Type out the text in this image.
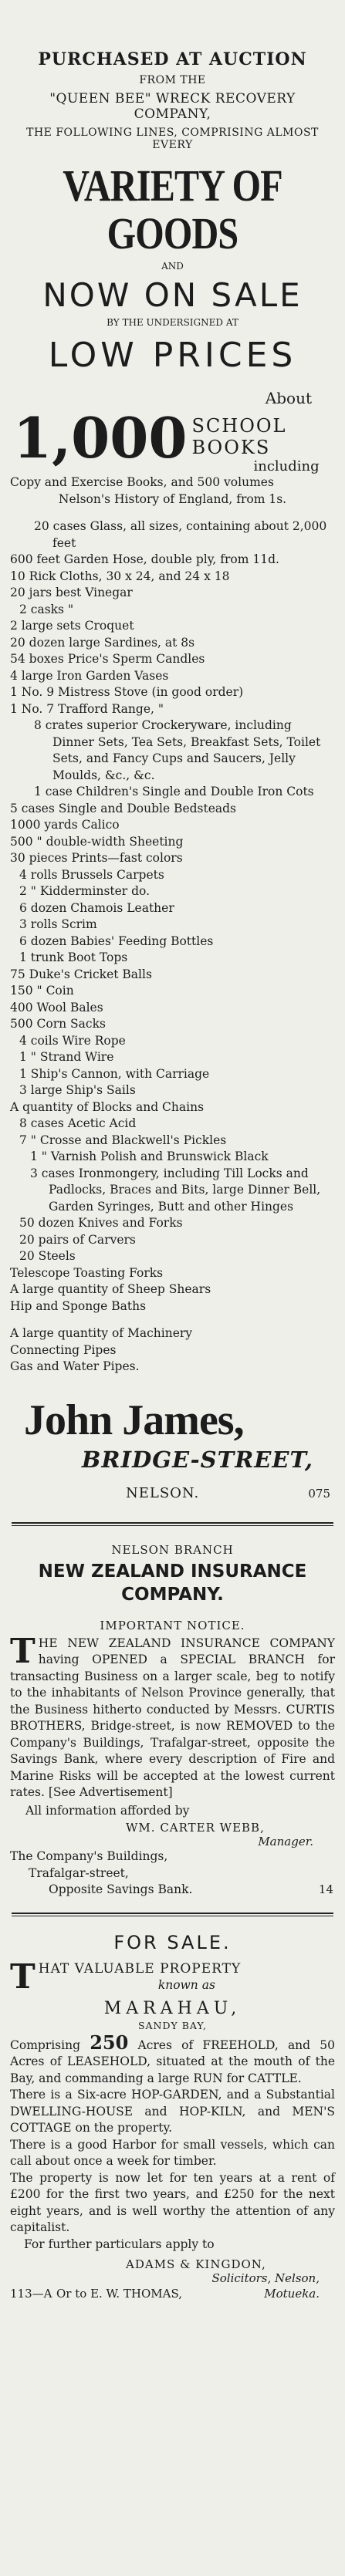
PURCHASED AT AUCTION
FROM THE
"QUEEN BEE" WRECK RECOVERY COMPANY,
THE FOLLOWING LINES, COMPRISING ALMOST EVERY
VARIETY OF GOODS
AND
NOW ON SALE
BY THE UNDERSIGNED AT
LOW PRICES
About
1,000 SCHOOL BOOKS
including
Copy and Exercise Books, and 500 volumes
Nelson's History of England, from 1s.
20 cases Glass, all sizes, containing about 2,000 feet
600 feet Garden Hose, double ply, from 11d.
10 Rick Cloths, 30 x 24, and 24 x 18
20 jars best Vinegar
2 casks "
2 large sets Croquet
20 dozen large Sardines, at 8s
54 boxes Price's Sperm Candles
4 large Iron Garden Vases
1 No. 9 Mistress Stove (in good order)
1 No. 7 Trafford Range, "
8 crates superior Crockeryware, including Dinner Sets, Tea Sets, Breakfast Sets, Toilet Sets, and Fancy Cups and Saucers, Jelly Moulds, &c., &c.
1 case Children's Single and Double Iron Cots
5 cases Single and Double Bedsteads
1000 yards Calico
500 " double-width Sheeting
30 pieces Prints—fast colors
4 rolls Brussels Carpets
2 " Kidderminster do.
6 dozen Chamois Leather
3 rolls Scrim
6 dozen Babies' Feeding Bottles
1 trunk Boot Tops
75 Duke's Cricket Balls
150 " Coin
400 Wool Bales
500 Corn Sacks
4 coils Wire Rope
1 " Strand Wire
1 Ship's Cannon, with Carriage
3 large Ship's Sails
A quantity of Blocks and Chains
8 cases Acetic Acid
7 " Crosse and Blackwell's Pickles
1 " Varnish Polish and Brunswick Black
3 cases Ironmongery, including Till Locks and Padlocks, Braces and Bits, large Dinner Bell, Garden Syringes, Butt and other Hinges
50 dozen Knives and Forks
20 pairs of Carvers
20 Steels
Telescope Toasting Forks
A large quantity of Sheep Shears
Hip and Sponge Baths
A large quantity of Machinery
Connecting Pipes
Gas and Water Pipes.
John James,
BRIDGE-STREET,
NELSON.	075
NELSON BRANCH
NEW ZEALAND INSURANCE COMPANY.
IMPORTANT NOTICE.
T HE NEW ZEALAND INSURANCE COMPANY having OPENED a SPECIAL BRANCH for transacting Business on a larger scale, beg to notify to the inhabitants of Nelson Province generally, that the Business hitherto conducted by Messrs. CURTIS BROTHERS, Bridge-street, is now REMOVED to the Company's Buildings, Trafalgar-street, opposite the Savings Bank, where every description of Fire and Marine Risks will be accepted at the lowest current rates. [See Advertisement]
All information afforded by
WM. CARTER WEBB,
Manager.
The Company's Buildings,
Trafalgar-street,
Opposite Savings Bank.	14
FOR SALE.
T HAT VALUABLE PROPERTY
known as
MARAHAU,
SANDY BAY,
Comprising 250 Acres of FREEHOLD, and 50 Acres of LEASEHOLD, situated at the mouth of the Bay, and commanding a large RUN for CATTLE.
There is a Six-acre HOP-GARDEN, and a Substantial DWELLING-HOUSE and HOP-KILN, and MEN'S COTTAGE on the property.
There is a good Harbor for small vessels, which can call about once a week for timber.
The property is now let for ten years at a rent of £200 for the first two years, and £250 for the next eight years, and is well worthy the attention of any capitalist.
For further particulars apply to
ADAMS & KINGDON,
Solicitors, Nelson,
113—A Or to E. W. THOMAS,	Motueka.
